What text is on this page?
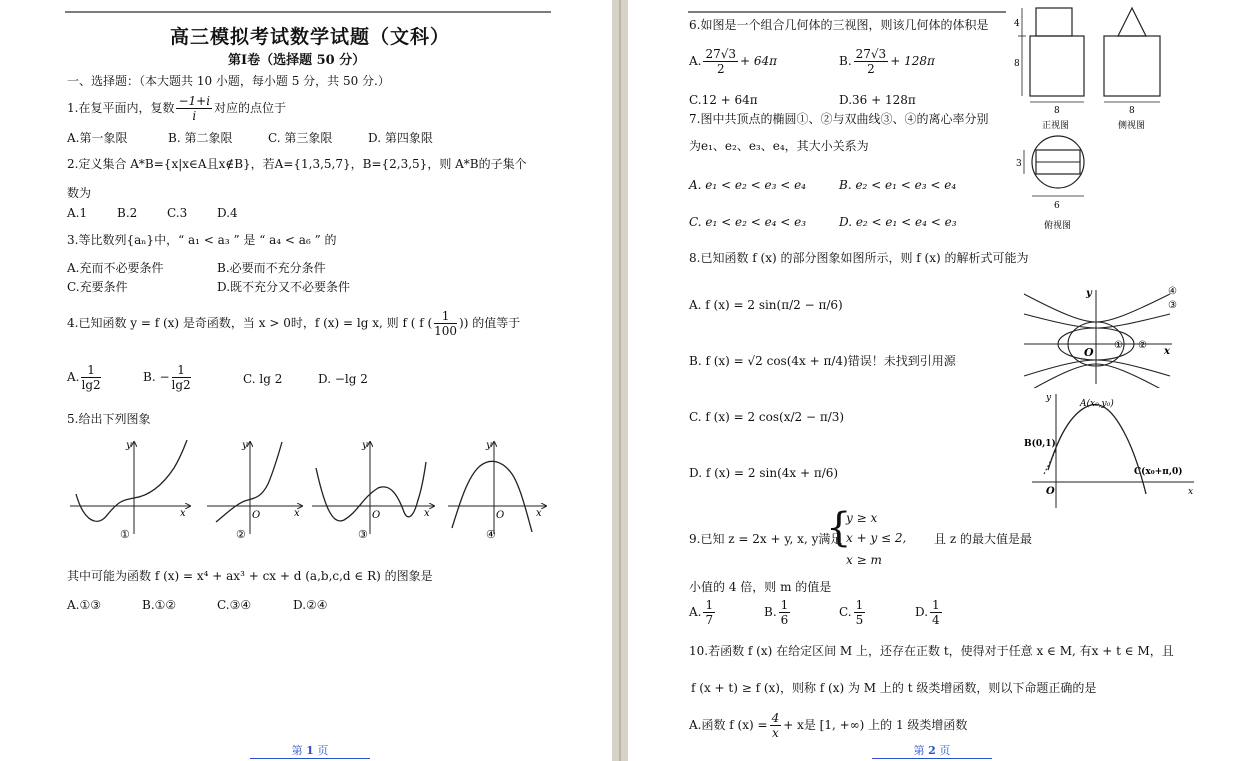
高三模拟考试数学试题（文科）
第Ⅰ卷（选择题 50 分）
一、选择题：（本大题共 10 小题，每小题 5 分，共 50 分.）
1.在复平面内，复数 $\frac{-1+i}{i}$ 对应的点位于
A.第一象限	B. 第二象限	C. 第三象限	D. 第四象限
2.定义集合 A*B={x|x∈A且x∉B}，若A={1,3,5,7}，B={2,3,5}，则 A*B的子集个
数为
A.1 B.2 C.3 D.4
3.等比数列{aₙ}中，“ a₁ < a₃ ” 是 “ a₄ < a₆ ” 的
A.充而不必要条件	B.必要而不充分条件
C.充要条件	D.既不充分又不必要条件
4.已知函数 y = f (x) 是奇函数，当 x > 0时，f (x) = lg x, 则 f ( f ( $\frac{1}{100}$ )) 的值等于
A. $\frac{1}{\lg 2}$	B. − $\frac{1}{\lg 2}$	C. lg 2	D. −lg 2
5.给出下列图象
y
x
①
y
x
O
②
y
x
O
③
y
x
O
④
其中可能为函数 f (x) = x⁴ + ax³ + cx + d (a,b,c,d ∈ R) 的图象是
A.①③	B.①②	C.③④	D.②④
第 1 页
6.如图是一个组合几何体的三视图，则该几何体的体积是
A. $\frac{27√3}{2} + 64\pi$	B. $\frac{27√3}{2} + 128\pi$
C.12 + 64π	D.36 + 128π
4
8
8
正视图
8
侧视图
3
6
俯视图
7.图中共顶点的椭圆①、②与双曲线③、④的离心率分别
为e₁、e₂、e₃、e₄，其大小关系为
A. e₁ < e₂ < e₃ < e₄	B. e₂ < e₁ < e₃ < e₄
C. e₁ < e₂ < e₄ < e₃	D. e₂ < e₁ < e₄ < e₃
8.已知函数 f (x) 的部分图象如图所示，则 f (x) 的解析式可能为
A. f (x) = 2 sin(π/2 − π/6)
B. f (x) = √2 cos(4x + π/4)错误！未找到引用源
C. f (x) = 2 cos(x/2 − π/3)
D. f (x) = 2 sin(4x + π/6)
y
x
O
① ②
④
③
y
x
O
A(x₀,y₀)
B(0,1)
C(x₀+π,0)
9.已知 z = 2x + y, x, y满足
{
y ≥ x
x + y ≤ 2,
x ≥ m
且 z 的最大值是最
小值的 4 倍，则 m 的值是
A. $\frac{1}{7}$	B. $\frac{1}{6}$	C. $\frac{1}{5}$	D. $\frac{1}{4}$
10.若函数 f (x) 在给定区间 M 上，还存在正数 t，使得对于任意 x ∈ M, 有x + t ∈ M，且
f (x + t) ≥ f (x)，则称 f (x) 为 M 上的 t 级类增函数，则以下命题正确的是
A.函数 f $(x) = \frac{4}{x} + x$是 [1, +∞) 上的 1 级类增函数
第 2 页
